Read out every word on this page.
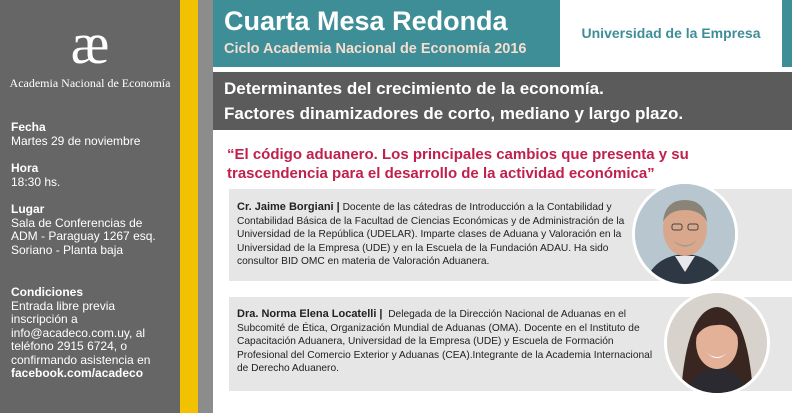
æ
Academia Nacional de Economía
Fecha
Martes 29 de noviembre
Hora
18:30 hs.
Lugar
Sala de Conferencias de
ADM - Paraguay 1267 esq.
Soriano - Planta baja
Condiciones
Entrada libre previa
inscripción a
info@acadeco.com.uy, al
teléfono 2915 6724, o
confirmando asistencia en
facebook.com/acadeco
Cuarta Mesa Redonda
Ciclo Academia Nacional de Economía 2016
Universidad de la Empresa
Determinantes del crecimiento de la economía.
Factores dinamizadores de corto, mediano y largo plazo.
“El código aduanero. Los principales cambios que presenta y su trascendencia para el desarrollo de la actividad económica”
Cr. Jaime Borgiani | Docente de las cátedras de Introducción a la Contabilidad y
Contabilidad Básica de la Facultad de Ciencias Económicas y de Administración de la
Universidad de la República (UDELAR). Imparte clases de Aduana y Valoración en la
Universidad de la Empresa (UDE) y en la Escuela de la Fundación ADAU. Ha sido
consultor BID OMC en materia de Valoración Aduanera.
Dra. Norma Elena Locatelli | Delegada de la Dirección Nacional de Aduanas en el
Subcomité de Ética, Organización Mundial de Aduanas (OMA). Docente en el Instituto de
Capacitación Aduanera, Universidad de la Empresa (UDE) y Escuela de Formación
Profesional del Comercio Exterior y Aduanas (CEA).Integrante de la Academia Internacional
de Derecho Aduanero.
